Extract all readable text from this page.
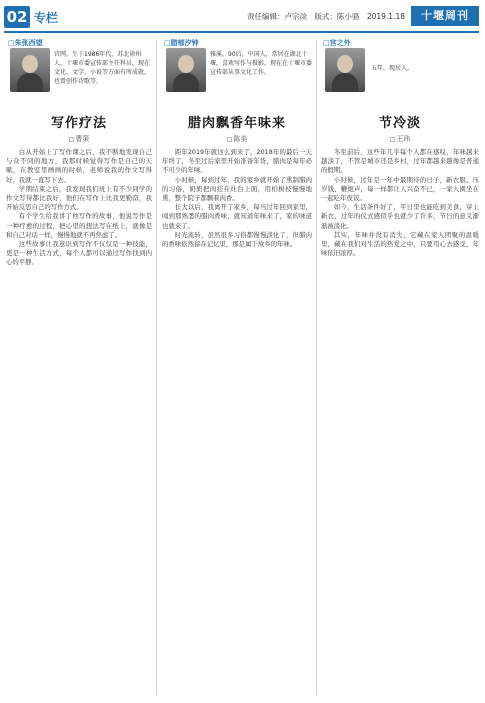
02 专栏	责任编辑：卢宗淡 版式：陈小骆 2019.1.18	十堰周刊
□朱张西望
官网，生于1986年代，苏北徐州人，十堰市委宣传部主任科员，现在文化、文学、小说等方面有所成就，也曾创作诗歌等。
写作疗法
□ 曹策

白从开始上了写作课之后，我不断地发现自己与众不同的地方，我那时候觉得写作是自己的天赋，在教室里画画的时候，老师说我的作文写得好，我就一直写下去。

学期结束之后，我发现我们班上有不少同学的作文写得都比我好，他们在写作上比我更勤奋，我开始反思自己的写作方式。

有个学生给我讲了他写作的故事，他说写作是一种疗愈的过程，把心里的想法写在纸上，就像是和自己对话一样，慢慢地就不再焦虑了。

这些故事让我意识到写作不仅仅是一种技能，更是一种生活方式，每个人都可以通过写作找到内心的平静。

□腊郁汐钟
雅溪，90后，中国人，常居在湖北十堰，喜欢写作与摄影，现在在十堰市委宣传部从事文化工作。
腊肉飘香年味来
□ 陈美

距年2019年就这么到来了，2018年的最后一天年终了，冬至过后家里开始准备年货，腊肉是每年必不可少的年味。

小时候，每到过年，我的家乡就开始了熏制腊肉的习俗，奶奶把肉挂在灶台上面，用柏树枝慢慢地熏，整个院子都飘着肉香。

长大以后，我离开了家乡，每当过年回到家里，闻到那熟悉的腊肉香味，就知道年味来了，家的味道也就来了。

时光流转，虽然很多习俗都慢慢淡化了，但腊肉的香味依然留在记忆里，那是属于故乡的年味。

□宫之外
五年，现居人。
节冷淡
□ 王玮

冬至前后，这些年几乎每个人都在感叹，年味越来越淡了，不管是城市还是乡村，过年都越来越像是普通的假期。

小时候，过年是一年中最期待的日子，新衣服、压岁钱、鞭炮声，每一样都让人兴奋不已，一家人围坐在一起吃年夜饭。

如今，生活条件好了，平日里也能吃到美食，穿上新衣，过年的仪式感似乎也就少了许多，节日的意义渐渐被淡化。

其实，年味并没有消失，它藏在家人团聚的温暖里，藏在我们对生活的热爱之中，只要用心去感受，年味依旧浓厚。
